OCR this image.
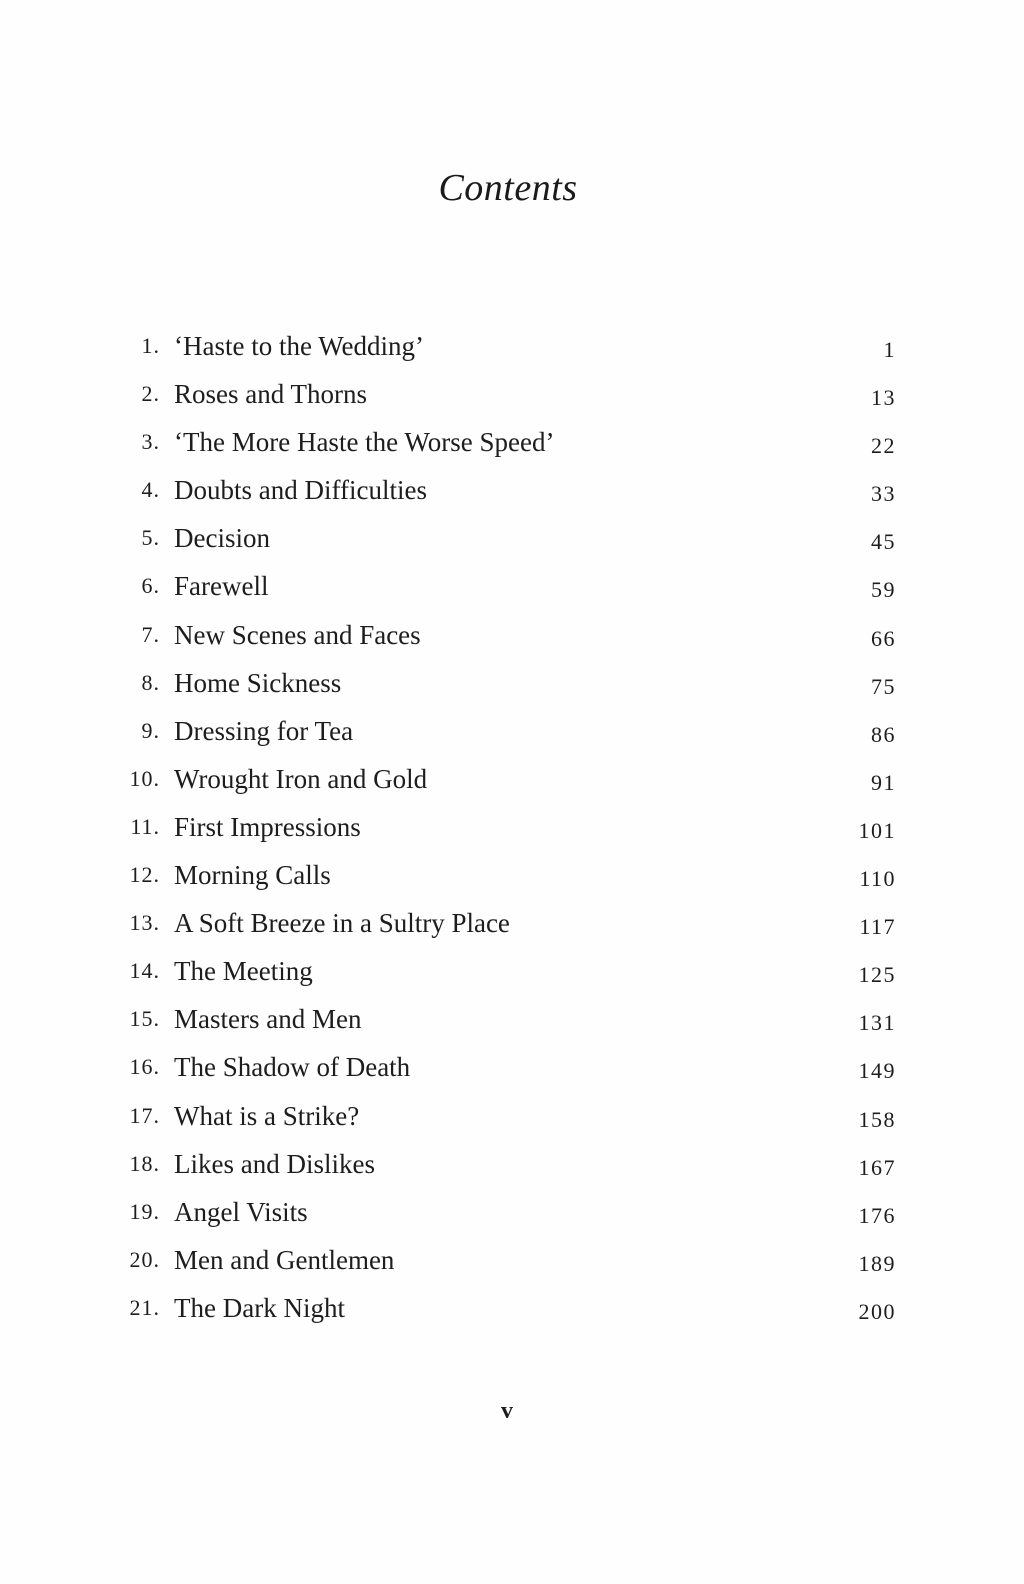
Contents
1. ‘Haste to the Wedding’	1
2. Roses and Thorns	13
3. ‘The More Haste the Worse Speed’	22
4. Doubts and Difficulties	33
5. Decision	45
6. Farewell	59
7. New Scenes and Faces	66
8. Home Sickness	75
9. Dressing for Tea	86
10. Wrought Iron and Gold	91
11. First Impressions	101
12. Morning Calls	110
13. A Soft Breeze in a Sultry Place	117
14. The Meeting	125
15. Masters and Men	131
16. The Shadow of Death	149
17. What is a Strike?	158
18. Likes and Dislikes	167
19. Angel Visits	176
20. Men and Gentlemen	189
21. The Dark Night	200
v
